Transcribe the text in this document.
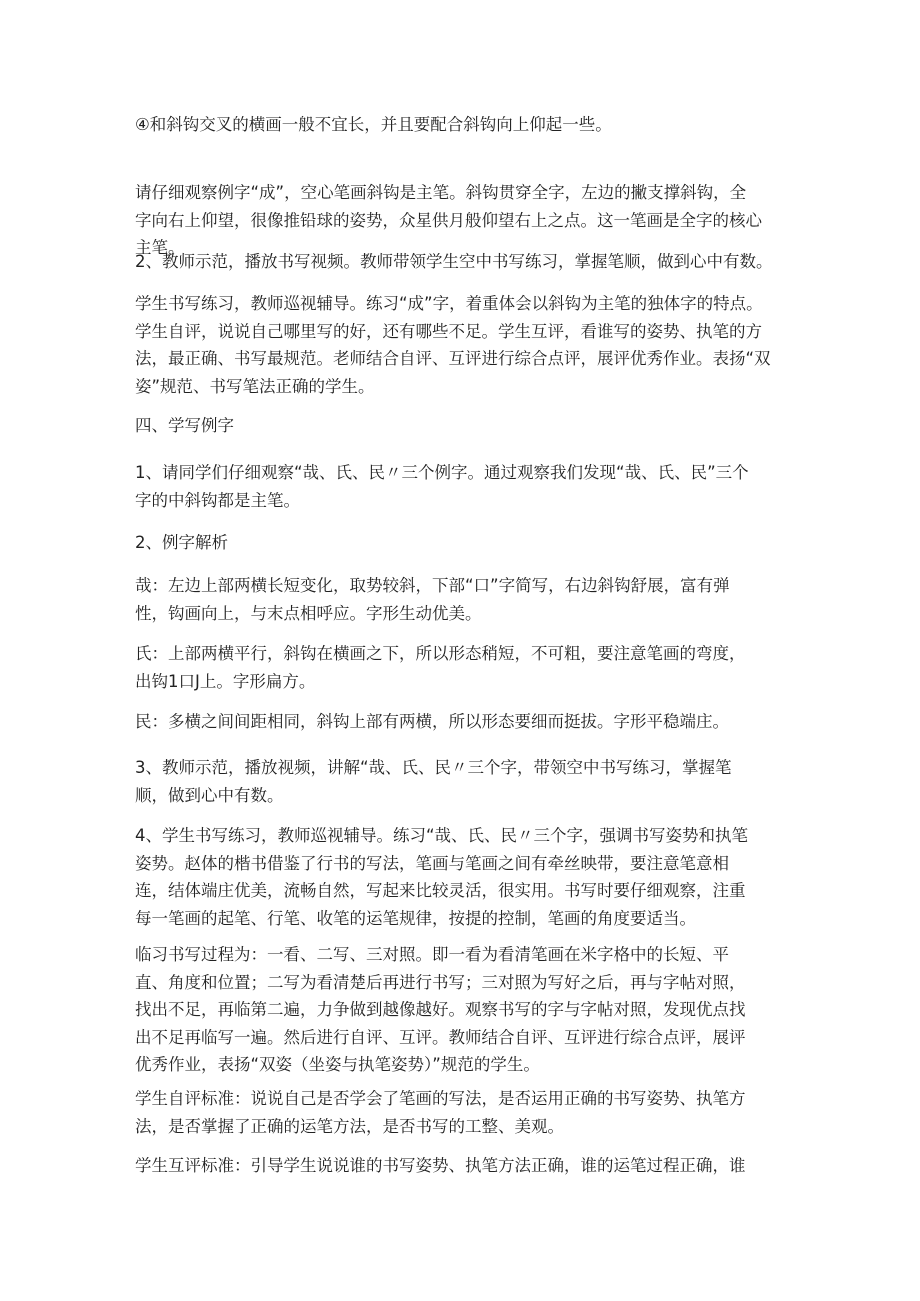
④和斜钩交叉的横画一般不宜长，并且要配合斜钩向上仰起一些。

请仔细观察例字“成”，空心笔画斜钩是主笔。斜钩贯穿全字，左边的撇支撑斜钩，全
字向右上仰望，很像推铅球的姿势，众星供月般仰望右上之点。这一笔画是全字的核心
主笔。

2、教师示范，播放书写视频。教师带领学生空中书写练习，掌握笔顺，做到心中有数。

学生书写练习，教师巡视辅导。练习“成”字，着重体会以斜钩为主笔的独体字的特点。
学生自评，说说自己哪里写的好，还有哪些不足。学生互评，看谁写的姿势、执笔的方
法，最正确、书写最规范。老师结合自评、互评进行综合点评，展评优秀作业。表扬“双
姿”规范、书写笔法正确的学生。

四、学写例字

1、请同学们仔细观察“哉、氏、民〃三个例字。通过观察我们发现“哉、氏、民”三个
字的中斜钩都是主笔。

2、例字解析

哉：左边上部两横长短变化，取势较斜，下部“口”字简写，右边斜钩舒展，富有弹
性，钩画向上，与末点相呼应。字形生动优美。

氏：上部两横平行，斜钩在横画之下，所以形态稍短，不可粗，要注意笔画的弯度，
出钩1口J上。字形扁方。

民：多横之间间距相同，斜钩上部有两横，所以形态要细而挺拔。字形平稳端庄。

3、教师示范，播放视频，讲解“哉、氏、民〃三个字，带领空中书写练习，掌握笔
顺，做到心中有数。

4、学生书写练习，教师巡视辅导。练习“哉、氏、民〃三个字，强调书写姿势和执笔
姿势。赵体的楷书借鉴了行书的写法，笔画与笔画之间有牵丝映带，要注意笔意相
连，结体端庄优美，流畅自然，写起来比较灵活，很实用。书写时要仔细观察，注重
每一笔画的起笔、行笔、收笔的运笔规律，按提的控制，笔画的角度要适当。

临习书写过程为：一看、二写、三对照。即一看为看清笔画在米字格中的长短、平
直、角度和位置；二写为看清楚后再进行书写；三对照为写好之后，再与字帖对照，
找出不足，再临第二遍，力争做到越像越好。观察书写的字与字帖对照，发现优点找
出不足再临写一遍。然后进行自评、互评。教师结合自评、互评进行综合点评，展评
优秀作业，表扬“双姿（坐姿与执笔姿势）”规范的学生。

学生自评标准：说说自己是否学会了笔画的写法，是否运用正确的书写姿势、执笔方
法，是否掌握了正确的运笔方法，是否书写的工整、美观。

学生互评标准：引导学生说说谁的书写姿势、执笔方法正确，谁的运笔过程正确，谁
